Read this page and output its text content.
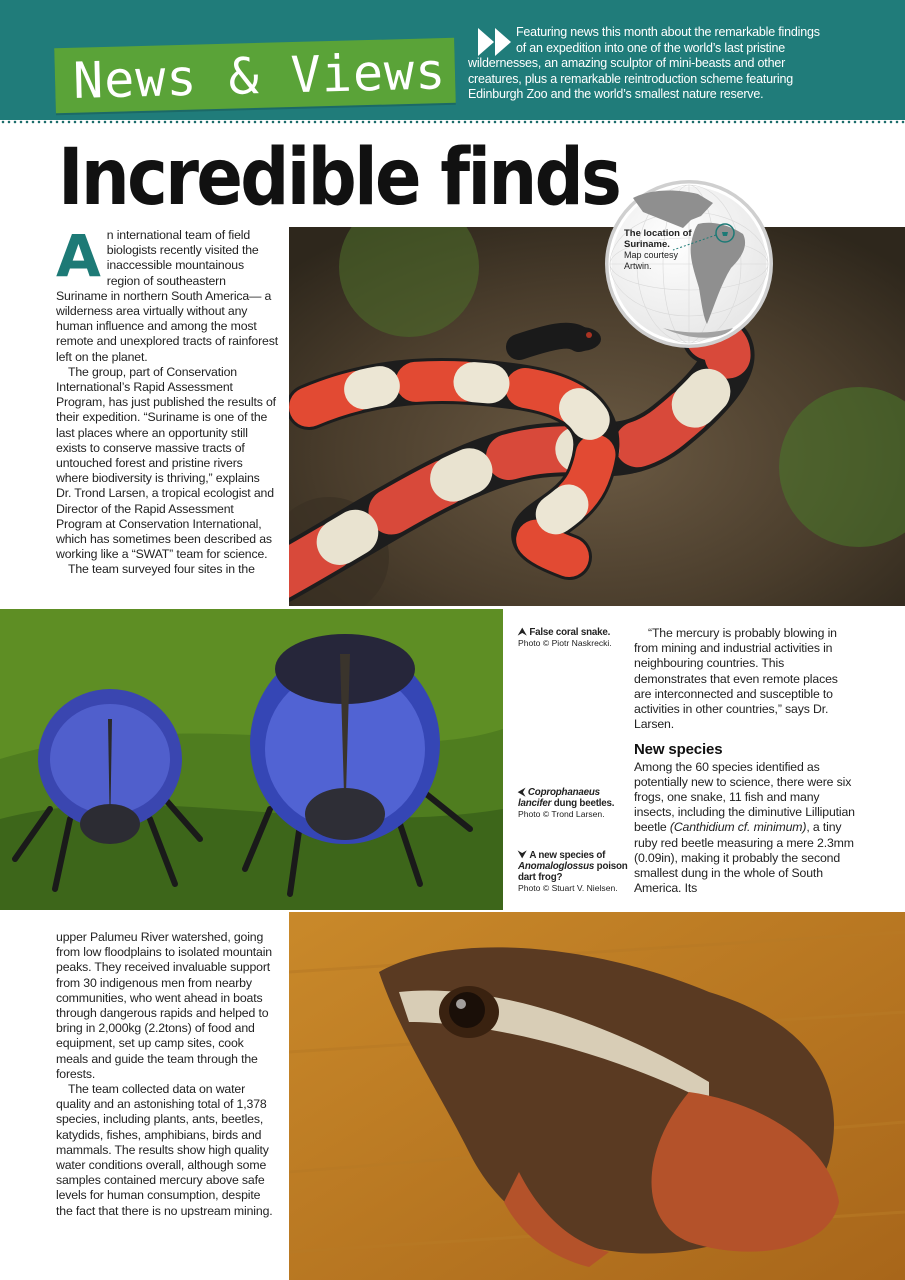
News & Views
Featuring news this month about the remarkable findings
of an expedition into one of the world’s last pristine
wildernesses, an amazing sculptor of mini-beasts and other
creatures, plus a remarkable reintroduction scheme featuring
Edinburgh Zoo and the world’s smallest nature reserve.
Incredible finds

An international team of field biologists recently visited the inaccessible mountainous region of southeastern Suriname in northern South America— a wilderness area virtually without any human influence and among the most remote and unexplored tracts of rainforest left on the planet.

The group, part of Conservation International’s Rapid Assessment Program, has just published the results of their expedition. “Suriname is one of the last places where an opportunity still exists to conserve massive tracts of untouched forest and pristine rivers where biodiversity is thriving,” explains Dr. Trond Larsen, a tropical ecologist and Director of the Rapid Assessment Program at Conservation International, which has sometimes been described as working like a “SWAT” team for science.

The team surveyed four sites in the

The location of Suriname.
Map courtesy Artwin.
⮝ False coral snake.
Photo © Piotr Naskrecki.
⮜ Coprophanaeus lancifer dung beetles.
Photo © Trond Larsen.
⮟ A new species of Anomaloglossus poison dart frog?
Photo © Stuart V. Nielsen.

“The mercury is probably blowing in from mining and industrial activities in neighbouring countries. This demonstrates that even remote places are interconnected and susceptible to activities in other countries,” says Dr. Larsen.

New species

Among the 60 species identified as potentially new to science, there were six frogs, one snake, 11 fish and many insects, including the diminutive Lilliputian beetle (Canthidium cf. minimum), a tiny ruby red beetle measuring a mere 2.3mm (0.09in), making it probably the second smallest dung in the whole of South America. Its

upper Palumeu River watershed, going from low floodplains to isolated mountain peaks. They received invaluable support from 30 indigenous men from nearby communities, who went ahead in boats through dangerous rapids and helped to bring in 2,000kg (2.2tons) of food and equipment, set up camp sites, cook meals and guide the team through the forests.

The team collected data on water quality and an astonishing total of 1,378 species, including plants, ants, beetles, katydids, fishes, amphibians, birds and mammals. The results show high quality water conditions overall, although some samples contained mercury above safe levels for human consumption, despite the fact that there is no upstream mining.
